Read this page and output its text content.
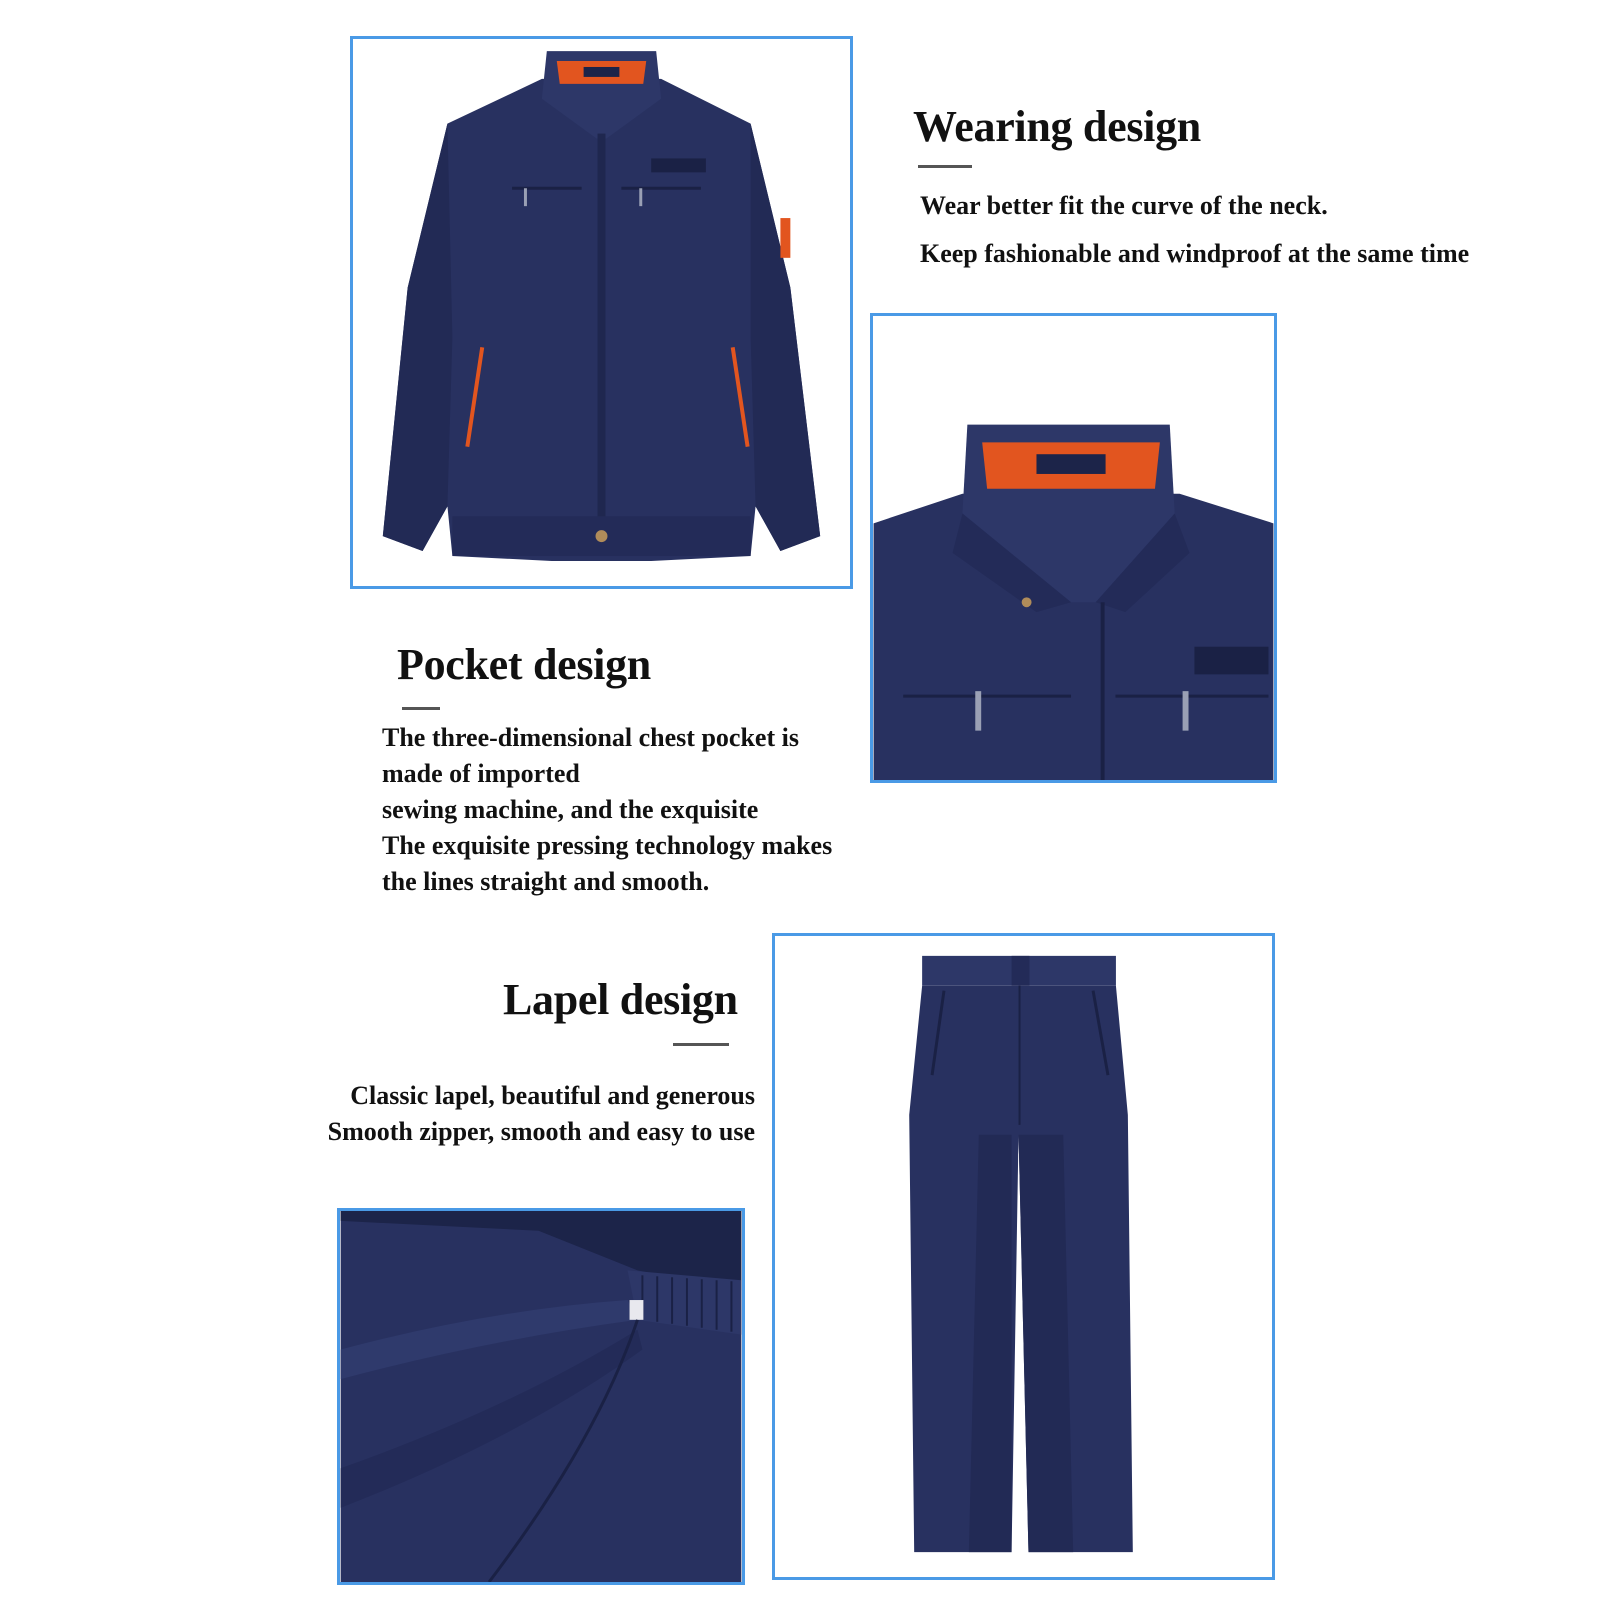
Wearing design
Wear better fit the curve of the neck.
Keep fashionable and windproof at the same time
Pocket design
The three-dimensional chest pocket is
made of imported
sewing machine, and the exquisite
The exquisite pressing technology makes
the lines straight and smooth.
Lapel design
Classic lapel, beautiful and generous
Smooth zipper, smooth and easy to use
